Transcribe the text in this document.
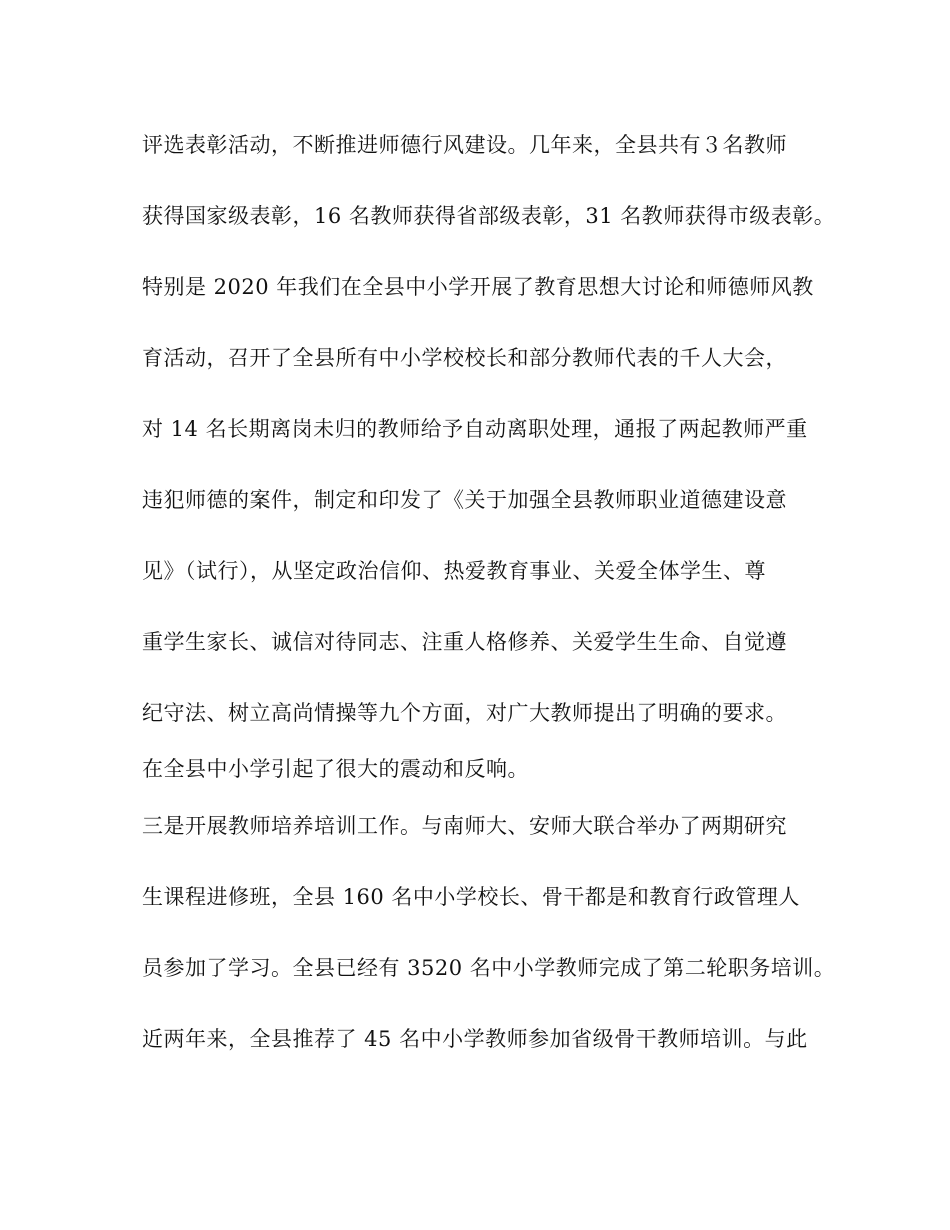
评选表彰活动，不断推进师德行风建设。几年来，全县共有３名教师
获得国家级表彰，16 名教师获得省部级表彰，31 名教师获得市级表彰。
特别是 2020 年我们在全县中小学开展了教育思想大讨论和师德师风教
育活动，召开了全县所有中小学校校长和部分教师代表的千人大会，
对 14 名长期离岗未归的教师给予自动离职处理，通报了两起教师严重
违犯师德的案件，制定和印发了《关于加强全县教师职业道德建设意
见》（试行），从坚定政治信仰、热爱教育事业、关爱全体学生、尊
重学生家长、诚信对待同志、注重人格修养、关爱学生生命、自觉遵
纪守法、树立高尚情操等九个方面，对广大教师提出了明确的要求。
在全县中小学引起了很大的震动和反响。
三是开展教师培养培训工作。与南师大、安师大联合举办了两期研究
生课程进修班，全县 160 名中小学校长、骨干都是和教育行政管理人
员参加了学习。全县已经有 3520 名中小学教师完成了第二轮职务培训。
近两年来，全县推荐了 45 名中小学教师参加省级骨干教师培训。与此
